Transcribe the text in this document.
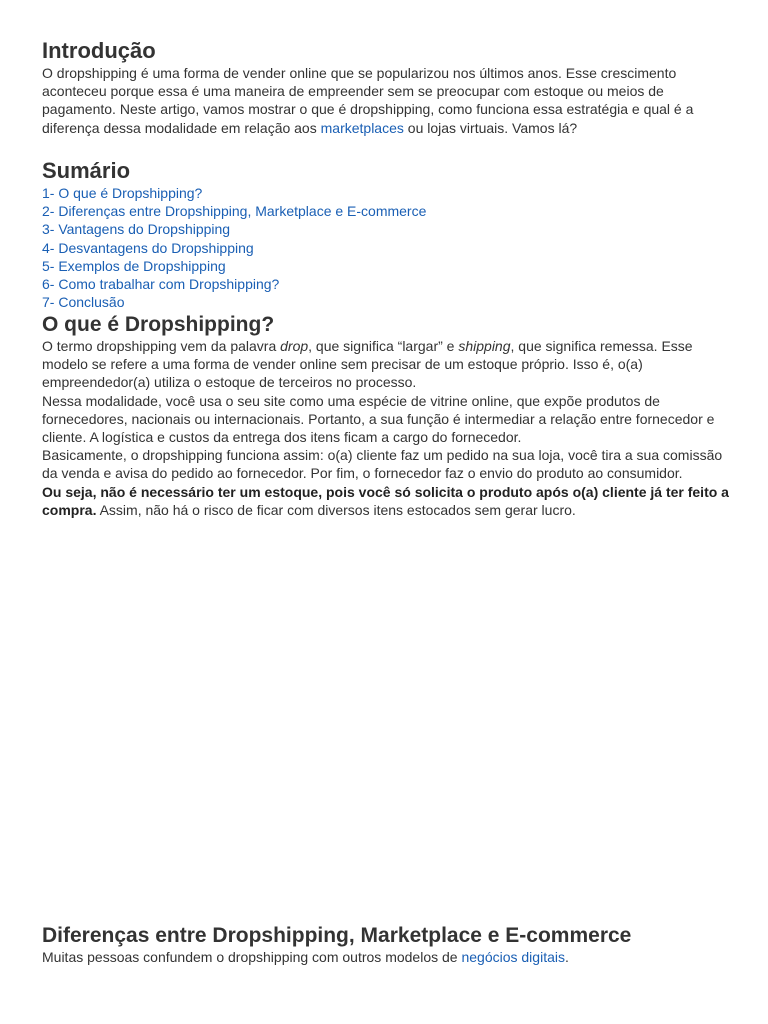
Introdução

O dropshipping é uma forma de vender online que se popularizou nos últimos anos. Esse crescimento aconteceu porque essa é uma maneira de empreender sem se preocupar com estoque ou meios de pagamento. Neste artigo, vamos mostrar o que é dropshipping, como funciona essa estratégia e qual é a diferença dessa modalidade em relação aos marketplaces ou lojas virtuais. Vamos lá?

Sumário
1- O que é Dropshipping?
2- Diferenças entre Dropshipping, Marketplace e E-commerce
3- Vantagens do Dropshipping
4- Desvantagens do Dropshipping
5- Exemplos de Dropshipping
6- Como trabalhar com Dropshipping?
7- Conclusão
O que é Dropshipping?

O termo dropshipping vem da palavra drop, que significa “largar” e shipping, que significa remessa. Esse modelo se refere a uma forma de vender online sem precisar de um estoque próprio. Isso é, o(a) empreendedor(a) utiliza o estoque de terceiros no processo.

Nessa modalidade, você usa o seu site como uma espécie de vitrine online, que expõe produtos de fornecedores, nacionais ou internacionais. Portanto, a sua função é intermediar a relação entre fornecedor e cliente. A logística e custos da entrega dos itens ficam a cargo do fornecedor.

Basicamente, o dropshipping funciona assim: o(a) cliente faz um pedido na sua loja, você tira a sua comissão da venda e avisa do pedido ao fornecedor. Por fim, o fornecedor faz o envio do produto ao consumidor.

Ou seja, não é necessário ter um estoque, pois você só solicita o produto após o(a) cliente já ter feito a compra. Assim, não há o risco de ficar com diversos itens estocados sem gerar lucro.

Diferenças entre Dropshipping, Marketplace e E-commerce

Muitas pessoas confundem o dropshipping com outros modelos de negócios digitais.
